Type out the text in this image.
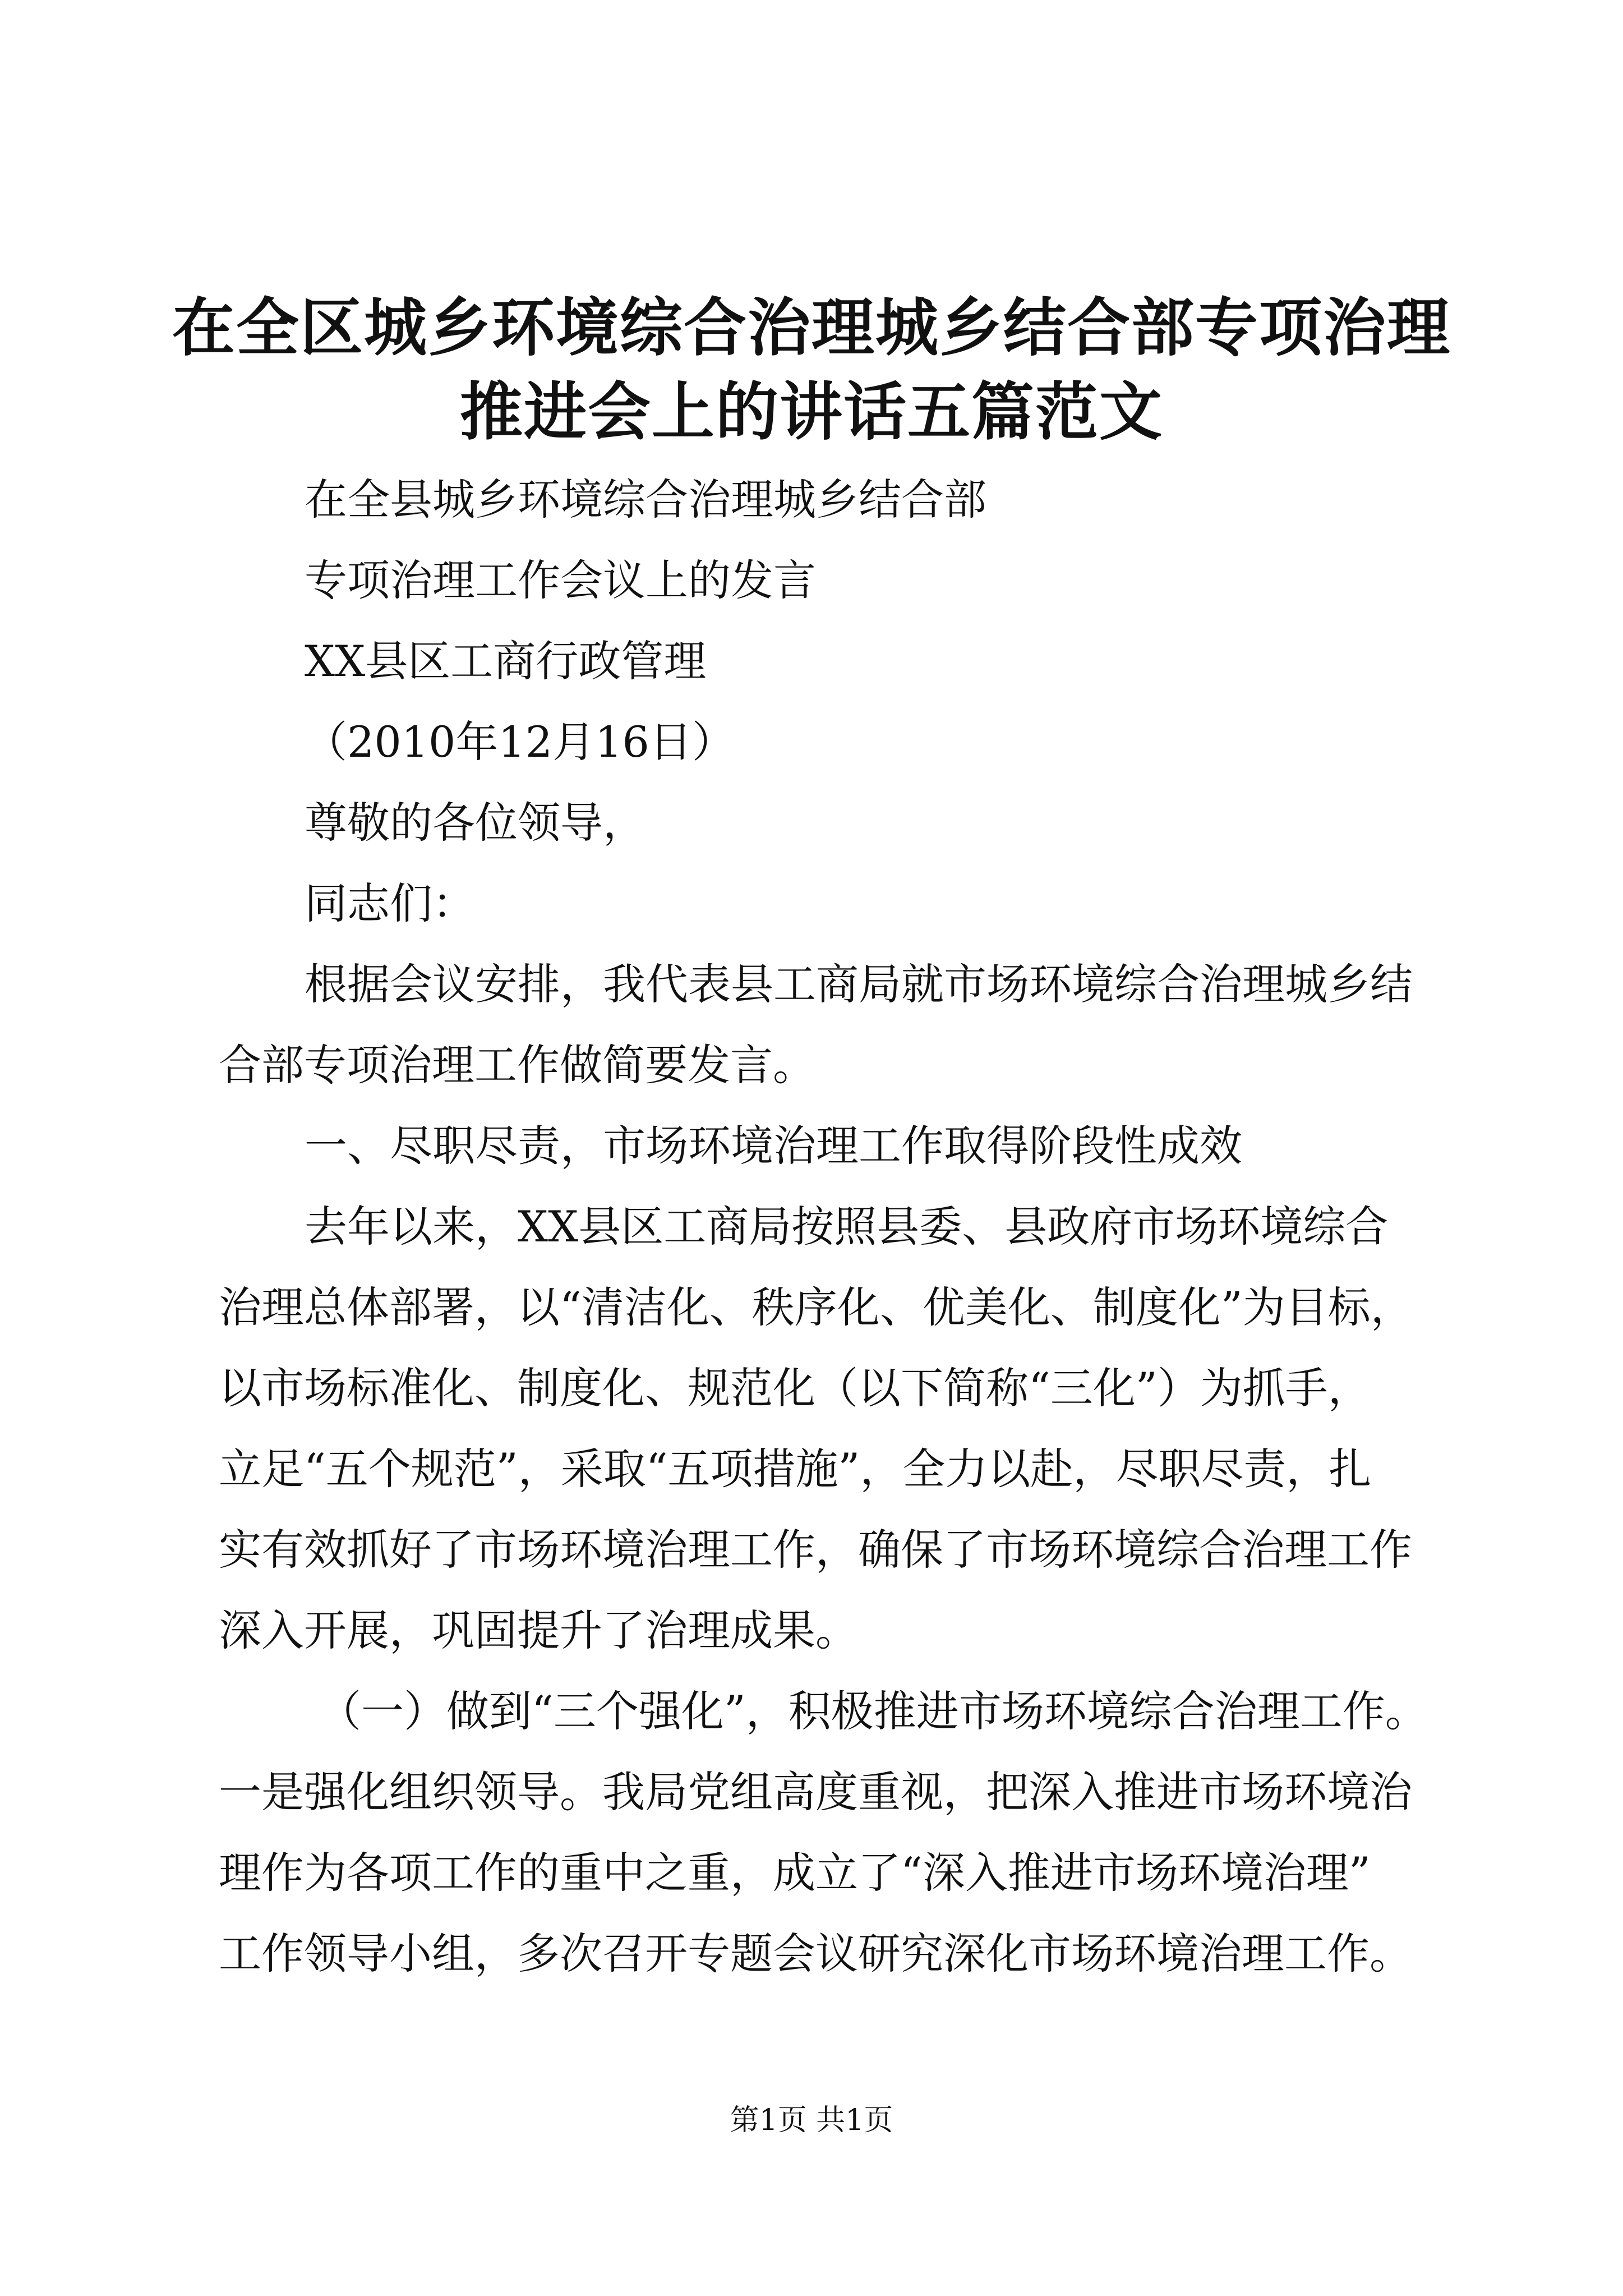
在全区城乡环境综合治理城乡结合部专项治理
推进会上的讲话五篇范文
在全县城乡环境综合治理城乡结合部
专项治理工作会议上的发言
XX县区工商行政管理
（2010年12月16日）
尊敬的各位领导，
同志们：
根据会议安排，我代表县工商局就市场环境综合治理城乡结
合部专项治理工作做简要发言。
一、尽职尽责，市场环境治理工作取得阶段性成效
去年以来，XX县区工商局按照县委、县政府市场环境综合
治理总体部署，以“清洁化、秩序化、优美化、制度化”为目标，
以市场标准化、制度化、规范化（以下简称“三化”）为抓手，
立足“五个规范”，采取“五项措施”，全力以赴，尽职尽责，扎
实有效抓好了市场环境治理工作，确保了市场环境综合治理工作
深入开展，巩固提升了治理成果。
（一）做到“三个强化”，积极推进市场环境综合治理工作。
一是强化组织领导。我局党组高度重视，把深入推进市场环境治
理作为各项工作的重中之重，成立了“深入推进市场环境治理”
工作领导小组，多次召开专题会议研究深化市场环境治理工作。
第1页 共1页
